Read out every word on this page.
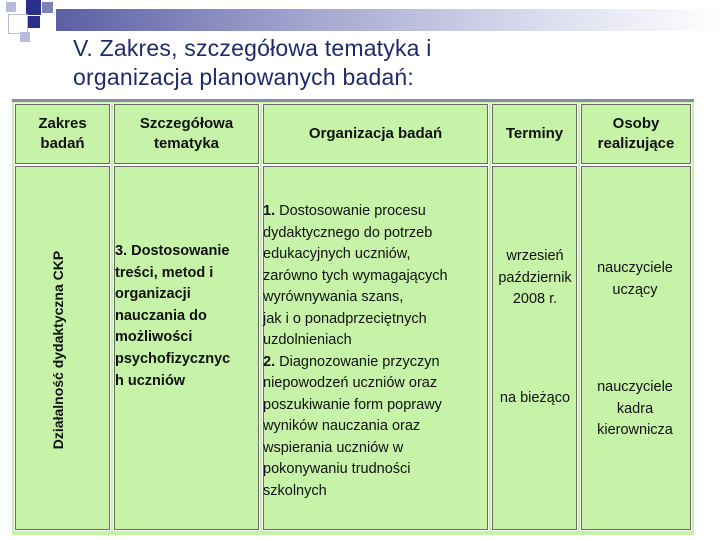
V. Zakres, szczegółowa tematyka i
organizacja planowanych badań:
Zakres
badań
Szczegółowa
tematyka
Organizacja badań	Terminy
Osoby
realizujące
Działalność dydaktyczna CKP	3. Dostosowanie
treści, metod i
organizacji
nauczania do
możliwości
psychofizycznyc
h uczniów
1. Dostosowanie procesu
dydaktycznego do potrzeb
edukacyjnych uczniów,
zarówno tych wymagających
wyrównywania szans,
jak i o ponadprzeciętnych
uzdolnieniach
2. Diagnozowanie przyczyn
niepowodzeń uczniów oraz
poszukiwanie form poprawy
wyników nauczania oraz
wspierania uczniów w
pokonywaniu trudności
szkolnych
wrzesień
październik
2008 r.
na bieżąco
nauczyciele
uczący
nauczyciele
kadra
kierownicza
